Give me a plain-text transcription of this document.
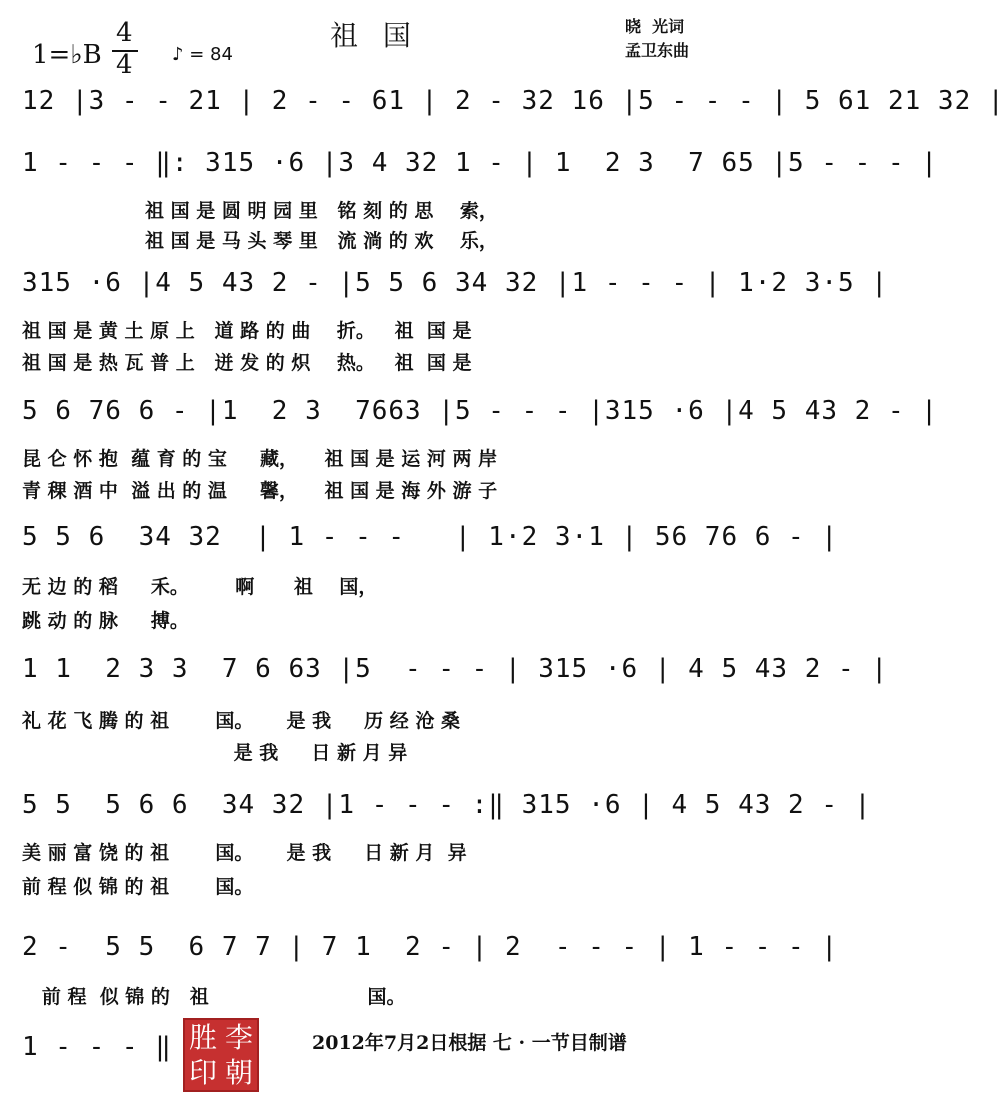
祖 国	晓  光词
孟卫东曲
1=♭B
4
4 ♪ = 84
12 |3 - - 21 | 2 - - 61 | 2 - 32 16 |5 - - - | 5 61 21 32 |
1 - - - ‖: 315 ·6 |3 4 32 1 - | 1  2 3  7 65 |5 - - - |
祖 国 是 圆 明 园 里   铭 刻 的 思    索，
祖 国 是 马 头 琴 里   流 淌 的 欢    乐，
315 ·6 |4 5 43 2 - |5 5 6 34 32 |1 - - - | 1·2 3·5 |
祖 国 是 黄 土 原 上   道 路 的 曲    折。   祖  国 是
祖 国 是 热 瓦 普 上   迸 发 的 炽    热。   祖  国 是
5 6 76 6 - |1  2 3  7663 |5 - - - |315 ·6 |4 5 43 2 - |
昆 仑 怀 抱  蕴 育 的 宝     藏，    祖 国 是 运 河 两 岸
青 稞 酒 中  溢 出 的 温     馨，    祖 国 是 海 外 游 子
5 5 6  34 32  | 1 - - -   | 1·2 3·1 | 56 76 6 - |
无 边 的 稻     禾。       啊      祖    国，
跳 动 的 脉     搏。
1 1  2 3 3  7 6 63 |5  - - - | 315 ·6 | 4 5 43 2 - |
礼 花 飞 腾 的 祖       国。     是 我     历 经 沧 桑
是 我     日 新 月 异
5 5  5 6 6  34 32 |1 - - - :‖ 315 ·6 | 4 5 43 2 - |
美 丽 富 饶 的 祖       国。     是 我     日 新 月  异
前 程 似 锦 的 祖       国。
2 -  5 5  6 7 7 | 7 1  2 - | 2  - - - | 1 - - - |
前 程  似 锦 的   祖                        国。
1 - - - ‖ 胜 李
印 朝
2012年7月2日根据 七 · 一节目制谱
